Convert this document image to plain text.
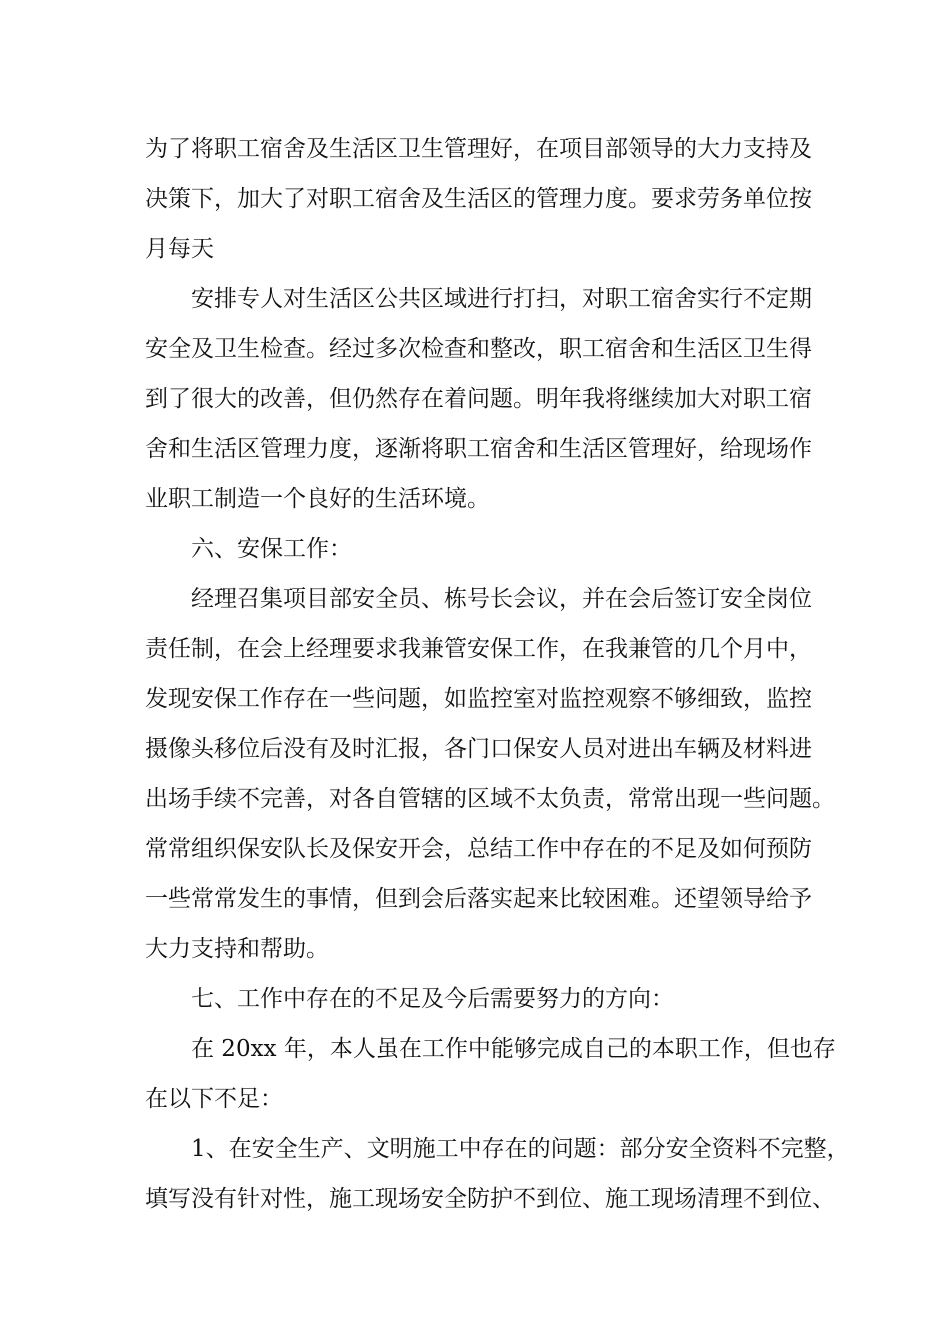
为了将职工宿舍及生活区卫生管理好，在项目部领导的大力支持及
决策下，加大了对职工宿舍及生活区的管理力度。要求劳务单位按
月每天
安排专人对生活区公共区域进行打扫，对职工宿舍实行不定期
安全及卫生检查。经过多次检查和整改，职工宿舍和生活区卫生得
到了很大的改善，但仍然存在着问题。明年我将继续加大对职工宿
舍和生活区管理力度，逐渐将职工宿舍和生活区管理好，给现场作
业职工制造一个良好的生活环境。
六、安保工作：
经理召集项目部安全员、栋号长会议，并在会后签订安全岗位
责任制，在会上经理要求我兼管安保工作，在我兼管的几个月中，
发现安保工作存在一些问题，如监控室对监控观察不够细致，监控
摄像头移位后没有及时汇报，各门口保安人员对进出车辆及材料进
出场手续不完善，对各自管辖的区域不太负责，常常出现一些问题。
常常组织保安队长及保安开会，总结工作中存在的不足及如何预防
一些常常发生的事情，但到会后落实起来比较困难。还望领导给予
大力支持和帮助。
七、工作中存在的不足及今后需要努力的方向：
在 20xx 年，本人虽在工作中能够完成自己的本职工作，但也存
在以下不足：
1、在安全生产、文明施工中存在的问题：部分安全资料不完整，
填写没有针对性，施工现场安全防护不到位、施工现场清理不到位、
